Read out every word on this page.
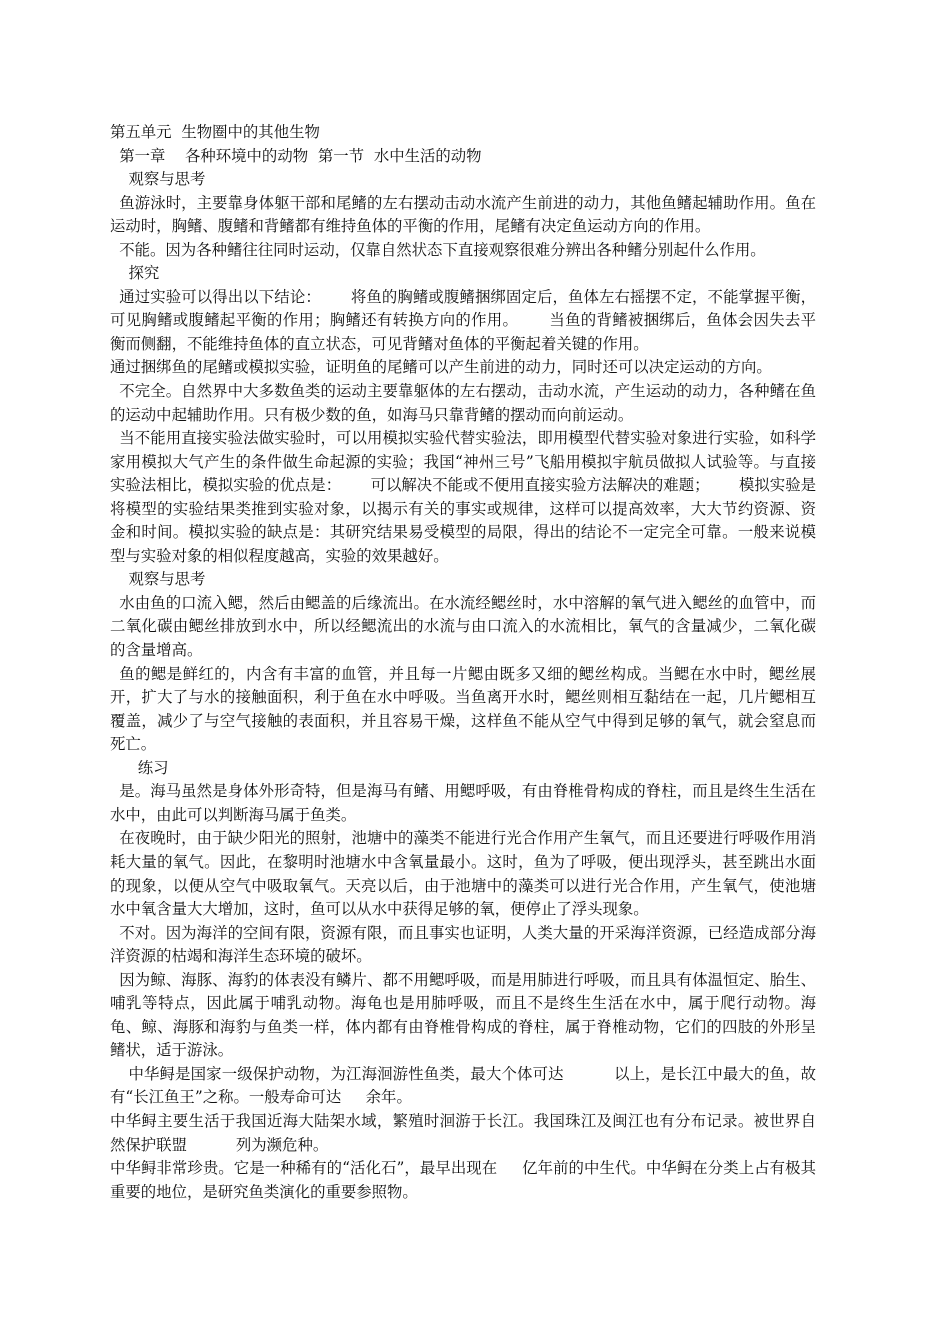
第五单元  生物圈中的其他生物

第一章    各种环境中的动物  第一节  水中生活的动物

观察与思考

鱼游泳时，主要靠身体躯干部和尾鳍的左右摆动击动水流产生前进的动力，其他鱼鳍起辅助作用。鱼在运动时，胸鳍、腹鳍和背鳍都有维持鱼体的平衡的作用，尾鳍有决定鱼运动方向的作用。

不能。因为各种鳍往往同时运动，仅靠自然状态下直接观察很难分辨出各种鳍分别起什么作用。

探究

通过实验可以得出以下结论：      将鱼的胸鳍或腹鳍捆绑固定后，鱼体左右摇摆不定，不能掌握平衡，可见胸鳍或腹鳍起平衡的作用；胸鳍还有转换方向的作用。      当鱼的背鳍被捆绑后，鱼体会因失去平衡而侧翻，不能维持鱼体的直立状态，可见背鳍对鱼体的平衡起着关键的作用。

通过捆绑鱼的尾鳍或模拟实验，证明鱼的尾鳍可以产生前进的动力，同时还可以决定运动的方向。

不完全。自然界中大多数鱼类的运动主要靠躯体的左右摆动，击动水流，产生运动的动力，各种鳍在鱼的运动中起辅助作用。只有极少数的鱼，如海马只靠背鳍的摆动而向前运动。

当不能用直接实验法做实验时，可以用模拟实验代替实验法，即用模型代替实验对象进行实验，如科学家用模拟大气产生的条件做生命起源的实验；我国“神州三号”飞船用模拟宇航员做拟人试验等。与直接实验法相比，模拟实验的优点是：      可以解决不能或不便用直接实验方法解决的难题；      模拟实验是将模型的实验结果类推到实验对象，以揭示有关的事实或规律，这样可以提高效率，大大节约资源、资金和时间。模拟实验的缺点是：其研究结果易受模型的局限，得出的结论不一定完全可靠。一般来说模型与实验对象的相似程度越高，实验的效果越好。

观察与思考

水由鱼的口流入鳃，然后由鳃盖的后缘流出。在水流经鳃丝时，水中溶解的氧气进入鳃丝的血管中，而二氧化碳由鳃丝排放到水中，所以经鳃流出的水流与由口流入的水流相比，氧气的含量减少，二氧化碳的含量增高。

鱼的鳃是鲜红的，内含有丰富的血管，并且每一片鳃由既多又细的鳃丝构成。当鳃在水中时，鳃丝展开，扩大了与水的接触面积，利于鱼在水中呼吸。当鱼离开水时，鳃丝则相互黏结在一起，几片鳃相互覆盖，减少了与空气接触的表面积，并且容易干燥，这样鱼不能从空气中得到足够的氧气，就会窒息而死亡。

练习

是。海马虽然是身体外形奇特，但是海马有鳍、用鳃呼吸，有由脊椎骨构成的脊柱，而且是终生生活在水中，由此可以判断海马属于鱼类。

在夜晚时，由于缺少阳光的照射，池塘中的藻类不能进行光合作用产生氧气，而且还要进行呼吸作用消耗大量的氧气。因此，在黎明时池塘水中含氧量最小。这时，鱼为了呼吸，便出现浮头，甚至跳出水面的现象，以便从空气中吸取氧气。天亮以后，由于池塘中的藻类可以进行光合作用，产生氧气，使池塘水中氧含量大大增加，这时，鱼可以从水中获得足够的氧，便停止了浮头现象。

不对。因为海洋的空间有限，资源有限，而且事实也证明，人类大量的开采海洋资源，已经造成部分海洋资源的枯竭和海洋生态环境的破坏。

因为鲸、海豚、海豹的体表没有鳞片、都不用鳃呼吸，而是用肺进行呼吸，而且具有体温恒定、胎生、哺乳等特点，因此属于哺乳动物。海龟也是用肺呼吸，而且不是终生生活在水中，属于爬行动物。海龟、鲸、海豚和海豹与鱼类一样，体内都有由脊椎骨构成的脊柱，属于脊椎动物，它们的四肢的外形呈鳍状，适于游泳。

中华鲟是国家一级保护动物，为江海洄游性鱼类，最大个体可达          以上，是长江中最大的鱼，故有“长江鱼王”之称。一般寿命可达     余年。

中华鲟主要生活于我国近海大陆架水域，繁殖时洄游于长江。我国珠江及闽江也有分布记录。被世界自然保护联盟          列为濒危种。

中华鲟非常珍贵。它是一种稀有的“活化石”，最早出现在     亿年前的中生代。中华鲟在分类上占有极其重要的地位，是研究鱼类演化的重要参照物。
